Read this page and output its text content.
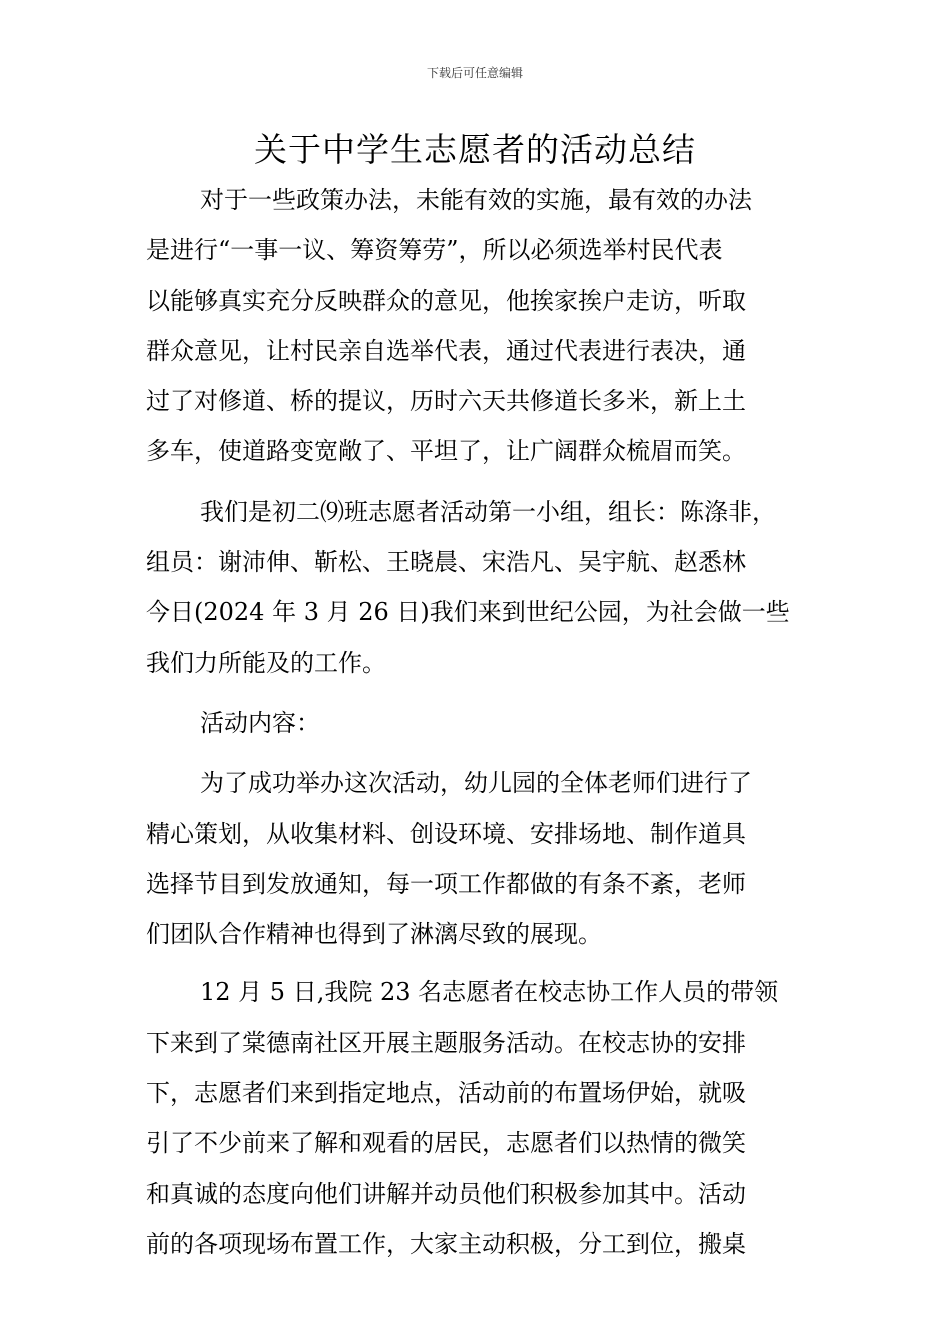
下载后可任意编辑
关于中学生志愿者的活动总结

对于一些政策办法，未能有效的实施，最有效的办法
是进行“一事一议、筹资筹劳”，所以必须选举村民代表
以能够真实充分反映群众的意见，他挨家挨户走访，听取
群众意见，让村民亲自选举代表，通过代表进行表决，通
过了对修道、桥的提议，历时六天共修道长多米，新上土
多车，使道路变宽敞了、平坦了，让广阔群众梳眉而笑。

我们是初二⑼班志愿者活动第一小组，组长：陈涤非，
组员：谢沛伸、靳松、王晓晨、宋浩凡、吴宇航、赵悉林
今日(2024 年 3 月 26 日)我们来到世纪公园，为社会做一些
我们力所能及的工作。

活动内容：

为了成功举办这次活动，幼儿园的全体老师们进行了
精心策划，从收集材料、创设环境、安排场地、制作道具
选择节目到发放通知，每一项工作都做的有条不紊，老师
们团队合作精神也得到了淋漓尽致的展现。

12 月 5 日,我院 23 名志愿者在校志协工作人员的带领
下来到了棠德南社区开展主题服务活动。在校志协的安排
下，志愿者们来到指定地点，活动前的布置场伊始，就吸
引了不少前来了解和观看的居民，志愿者们以热情的微笑
和真诚的态度向他们讲解并动员他们积极参加其中。活动
前的各项现场布置工作，大家主动积极，分工到位，搬桌
